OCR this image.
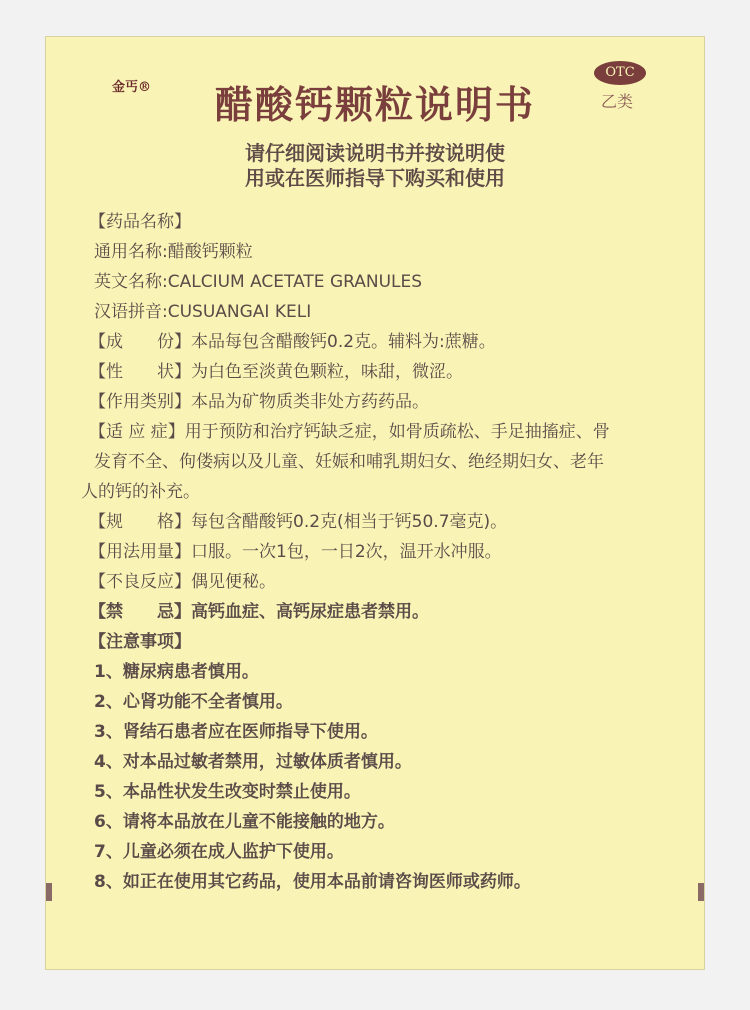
金丐®	醋酸钙颗粒说明书
OTC
乙类
请仔细阅读说明书并按说明使
用或在医师指导下购买和使用
【药品名称】
通用名称:醋酸钙颗粒
英文名称:CALCIUM ACETATE GRANULES
汉语拼音:CUSUANGAI KELI
【成　　份】本品每包含醋酸钙0.2克。辅料为:蔗糖。
【性　　状】为白色至淡黄色颗粒，味甜，微涩。
【作用类别】本品为矿物质类非处方药药品。
【适 应 症】用于预防和治疗钙缺乏症，如骨质疏松、手足抽搐症、骨
发育不全、佝偻病以及儿童、妊娠和哺乳期妇女、绝经期妇女、老年
人的钙的补充。
【规　　格】每包含醋酸钙0.2克(相当于钙50.7毫克)。
【用法用量】口服。一次1包，一日2次，温开水冲服。
【不良反应】偶见便秘。
【禁　　忌】高钙血症、高钙尿症患者禁用。
【注意事项】
1、糖尿病患者慎用。
2、心肾功能不全者慎用。
3、肾结石患者应在医师指导下使用。
4、对本品过敏者禁用，过敏体质者慎用。
5、本品性状发生改变时禁止使用。
6、请将本品放在儿童不能接触的地方。
7、儿童必须在成人监护下使用。
8、如正在使用其它药品，使用本品前请咨询医师或药师。
